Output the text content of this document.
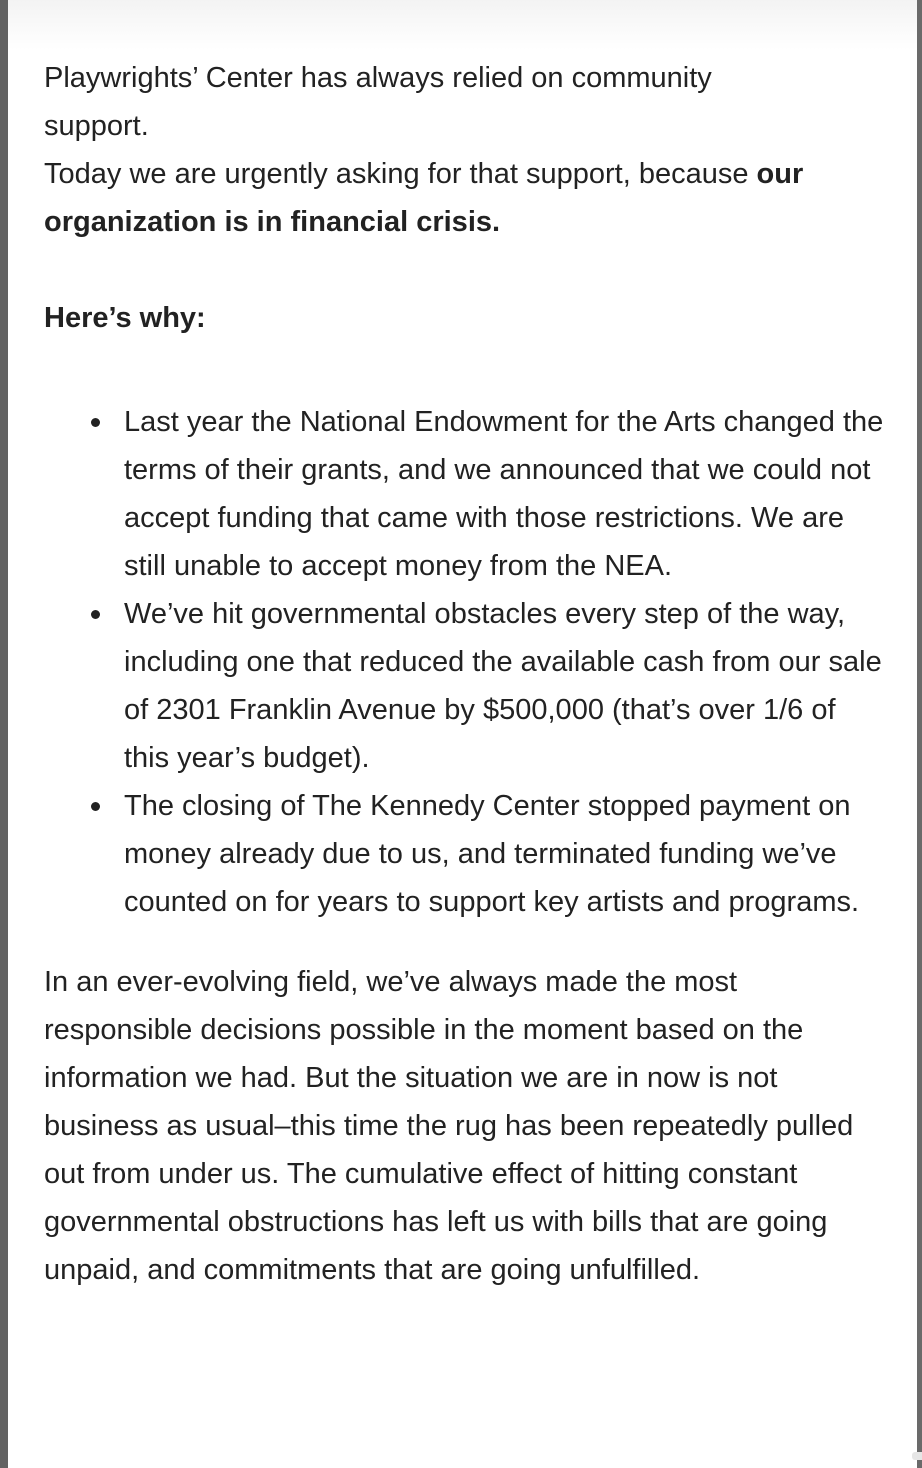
Playwrights’ Center has always relied on community support.
Today we are urgently asking for that support, because our organization is in financial crisis.

Here’s why:

Last year the National Endowment for the Arts changed the terms of their grants, and we announced that we could not accept funding that came with those restrictions. We are still unable to accept money from the NEA.
We’ve hit governmental obstacles every step of the way, including one that reduced the available cash from our sale of 2301 Franklin Avenue by $500,000 (that’s over 1/6 of this year’s budget).
The closing of The Kennedy Center stopped payment on money already due to us, and terminated funding we’ve counted on for years to support key artists and programs.

In an ever-evolving field, we’ve always made the most responsible decisions possible in the moment based on the information we had. But the situation we are in now is not business as usual–this time the rug has been repeatedly pulled out from under us. The cumulative effect of hitting constant governmental obstructions has left us with bills that are going unpaid, and commitments that are going unfulfilled.
